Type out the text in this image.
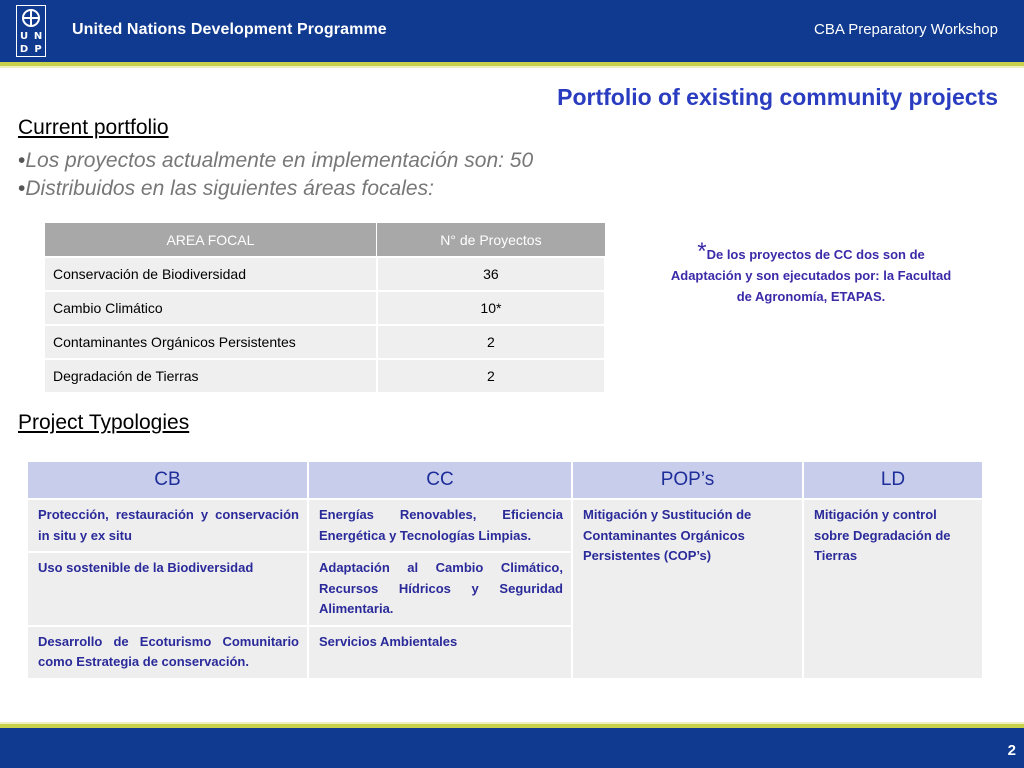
U N
D P
United Nations Development Programme	CBA Preparatory Workshop
Portfolio of existing community projects
Current portfolio
•Los proyectos actualmente en implementación son: 50
•Distribuidos en las siguientes áreas focales:
AREA FOCAL	N° de Proyectos
Conservación de Biodiversidad	36
Cambio Climático	10*
Contaminantes Orgánicos Persistentes	2
Degradación de Tierras	2
*De los proyectos de CC dos son de Adaptación y son ejecutados por: la Facultad de Agronomía, ETAPAS.
Project Typologies
CB	CC	POP’s	LD
Protección, restauración y conservación in situ y ex situ	Energías Renovables, Eficiencia Energética y Tecnologías Limpias.	Mitigación y Sustitución de Contaminantes Orgánicos Persistentes (COP’s)	Mitigación y control sobre Degradación de Tierras
Uso sostenible de la Biodiversidad	Adaptación al Cambio Climático, Recursos Hídricos y Seguridad Alimentaria.		
Desarrollo de Ecoturismo Comunitario como Estrategia de conservación.	Servicios Ambientales		
2
